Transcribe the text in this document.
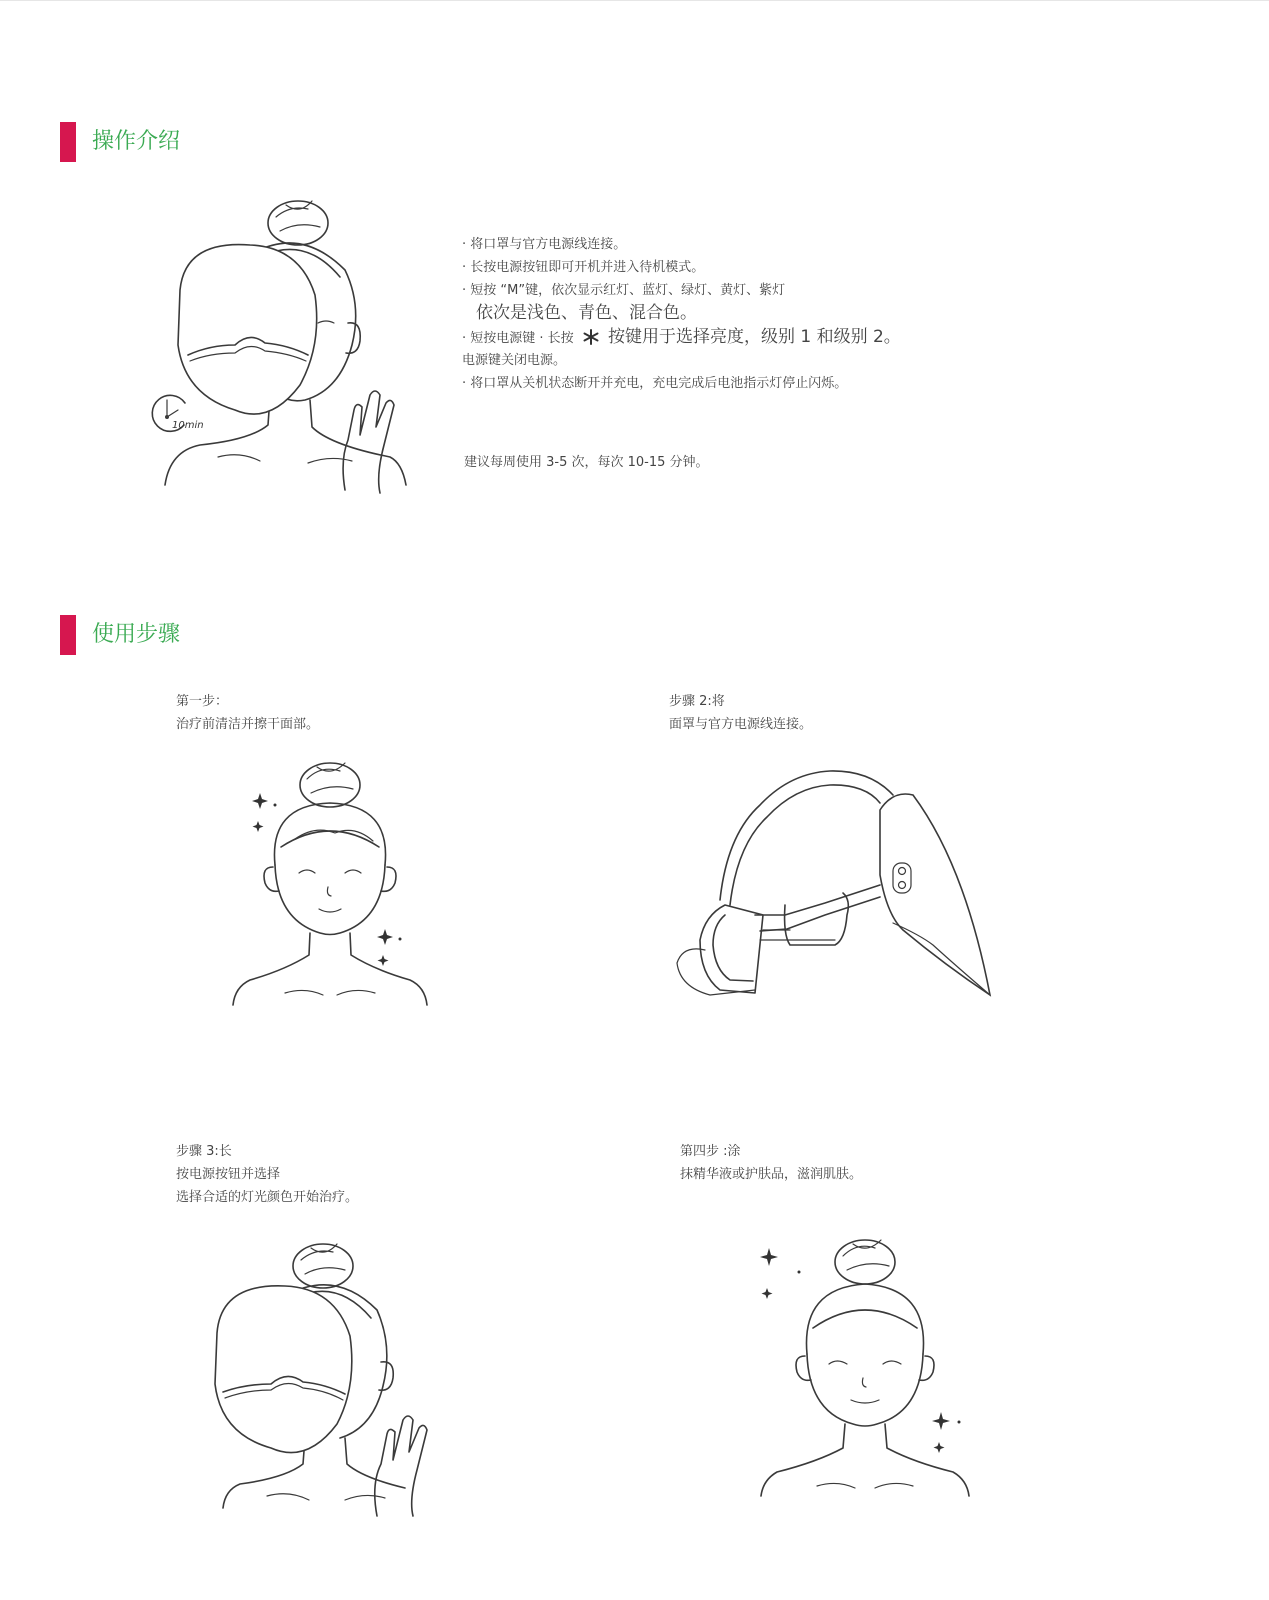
操作介绍
10min
· 将口罩与官方电源线连接。
· 长按电源按钮即可开机并进入待机模式。
· 短按 “M”键，依次显示红灯、蓝灯、绿灯、黄灯、紫灯
依次是浅色、青色、混合色。
· 短按电源键 · 长按 按键用于选择亮度，级别 1 和级别 2。
电源键关闭电源。
· 将口罩从关机状态断开并充电，充电完成后电池指示灯停止闪烁。
建议每周使用 3-5 次，每次 10-15 分钟。
使用步骤
第一步：
治疗前清洁并擦干面部。
步骤 2:将
面罩与官方电源线连接。
步骤 3:长
按电源按钮并选择
选择合适的灯光颜色开始治疗。
第四步 :涂
抹精华液或护肤品，滋润肌肤。
